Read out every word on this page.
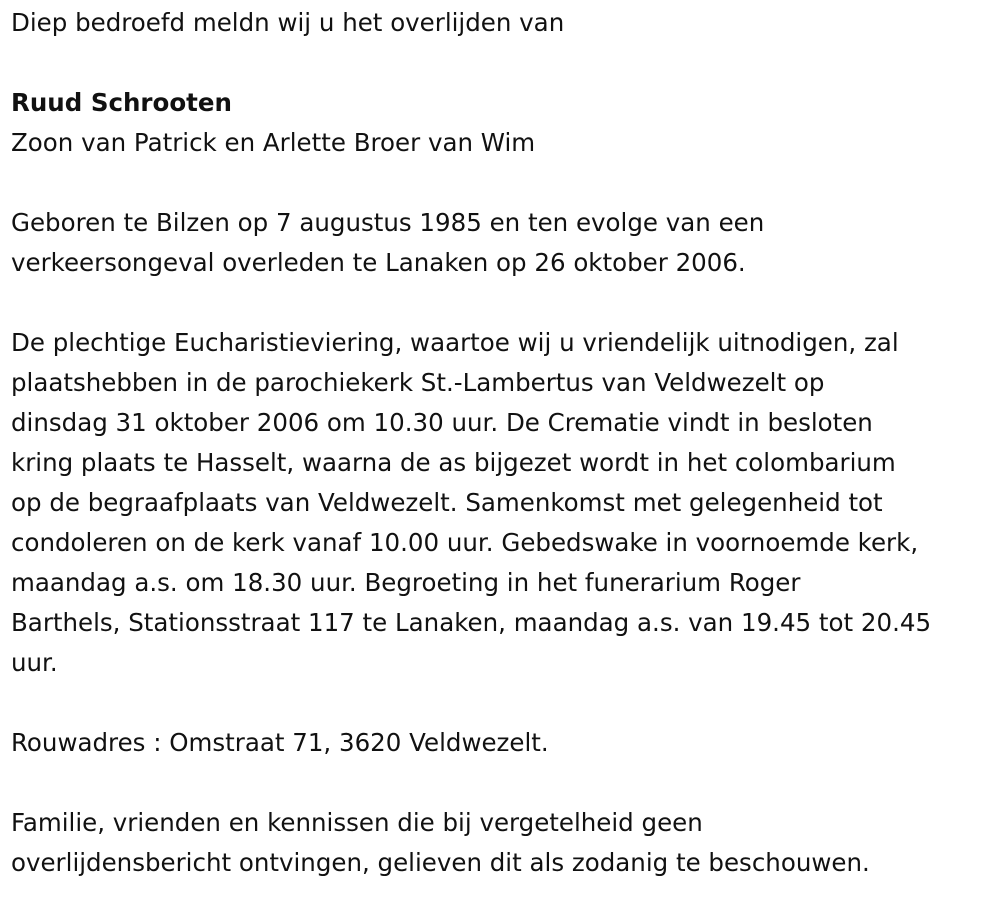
Diep bedroefd meldn wij u het overlijden van

Ruud Schrooten

Zoon van Patrick en Arlette Broer van Wim

Geboren te Bilzen op 7 augustus 1985 en ten evolge van een

verkeersongeval overleden te Lanaken op 26 oktober 2006.

De plechtige Eucharistieviering, waartoe wij u vriendelijk uitnodigen, zal

plaatshebben in de parochiekerk St.-Lambertus van Veldwezelt op

dinsdag 31 oktober 2006 om 10.30 uur. De Crematie vindt in besloten

kring plaats te Hasselt, waarna de as bijgezet wordt in het colombarium

op de begraafplaats van Veldwezelt. Samenkomst met gelegenheid tot

condoleren on de kerk vanaf 10.00 uur. Gebedswake in voornoemde kerk,

maandag a.s. om 18.30 uur. Begroeting in het funerarium Roger

Barthels, Stationsstraat 117 te Lanaken, maandag a.s. van 19.45 tot 20.45

uur.

Rouwadres : Omstraat 71, 3620 Veldwezelt.

Familie, vrienden en kennissen die bij vergetelheid geen

overlijdensbericht ontvingen, gelieven dit als zodanig te beschouwen.
